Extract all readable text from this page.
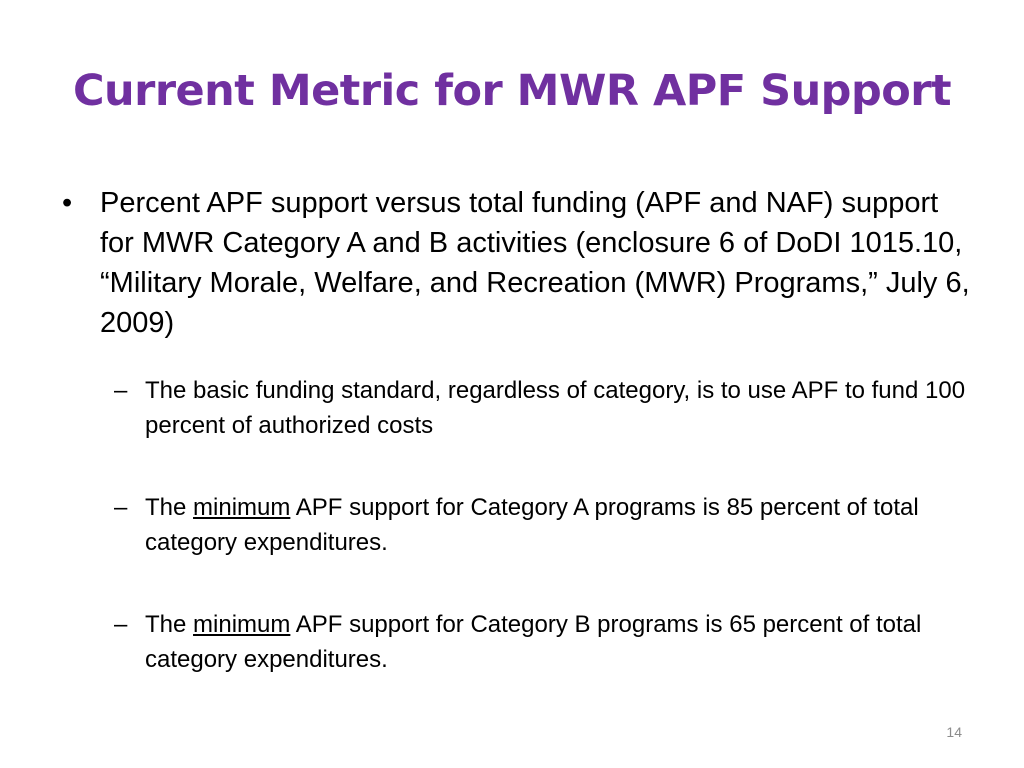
Current Metric for MWR APF Support
• Percent APF support versus total funding (APF and NAF) support for MWR Category A and B activities (enclosure 6 of DoDI 1015.10, “Military Morale, Welfare, and Recreation (MWR) Programs,” July 6, 2009)
– The basic funding standard, regardless of category, is to use APF to fund 100 percent of authorized costs
– The minimum APF support for Category A programs is 85 percent of total category expenditures.
– The minimum APF support for Category B programs is 65 percent of total category expenditures.
14
